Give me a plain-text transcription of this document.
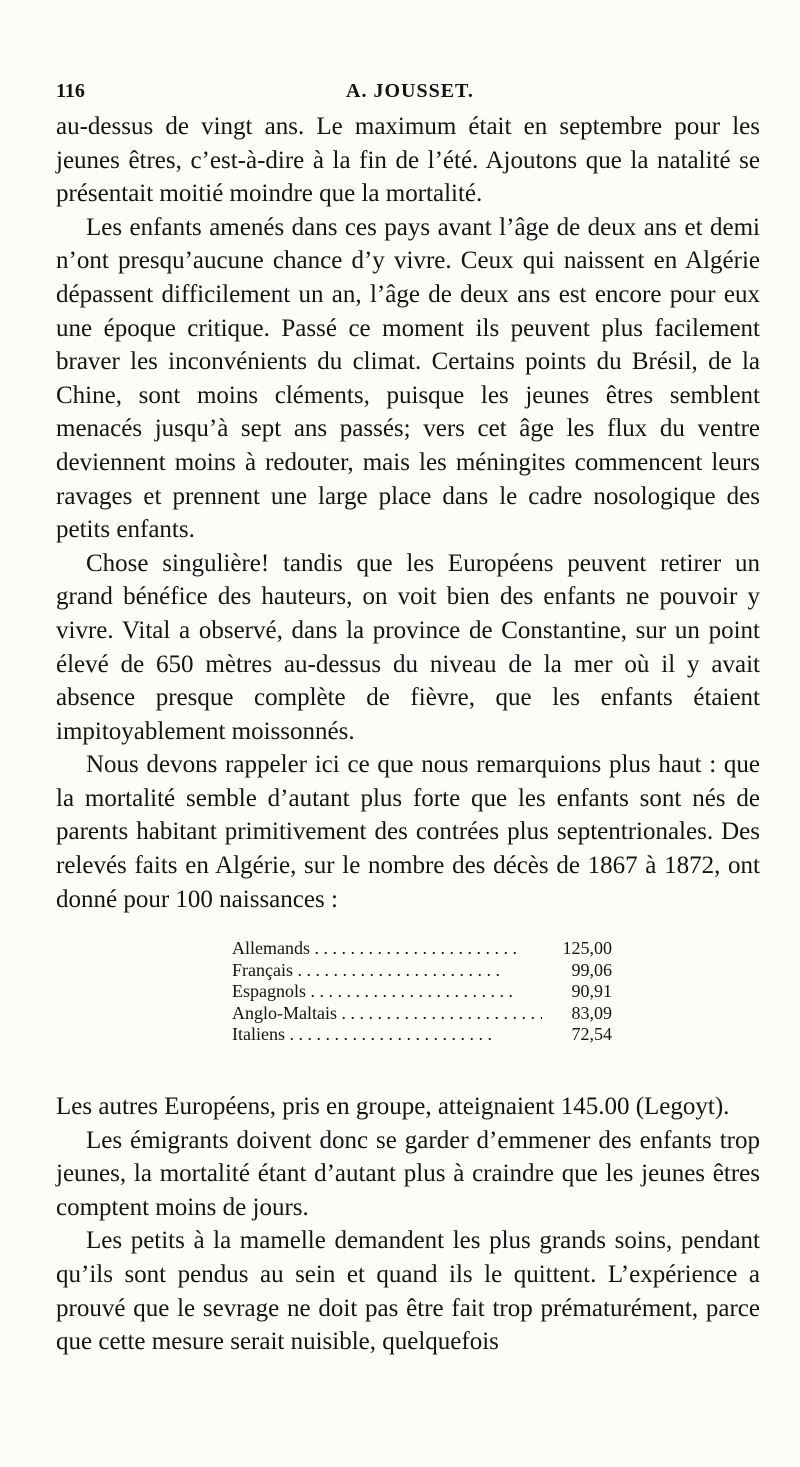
116	A. JOUSSET.

au-dessus de vingt ans. Le maximum était en septembre pour les jeunes êtres, c’est-à-dire à la fin de l’été. Ajoutons que la natalité se présentait moitié moindre que la mortalité.

Les enfants amenés dans ces pays avant l’âge de deux ans et demi n’ont presqu’aucune chance d’y vivre. Ceux qui naissent en Algérie dépassent difficilement un an, l’âge de deux ans est encore pour eux une époque critique. Passé ce moment ils peuvent plus facilement braver les inconvénients du climat. Certains points du Brésil, de la Chine, sont moins cléments, puisque les jeunes êtres semblent menacés jusqu’à sept ans passés; vers cet âge les flux du ventre deviennent moins à redouter, mais les méningites commencent leurs ravages et prennent une large place dans le cadre nosologique des petits enfants.

Chose singulière! tandis que les Européens peuvent retirer un grand bénéfice des hauteurs, on voit bien des enfants ne pouvoir y vivre. Vital a observé, dans la province de Constantine, sur un point élevé de 650 mètres au-dessus du niveau de la mer où il y avait absence presque complète de fièvre, que les enfants étaient impitoyablement moissonnés.

Nous devons rappeler ici ce que nous remarquions plus haut : que la mortalité semble d’autant plus forte que les enfants sont nés de parents habitant primitivement des contrées plus septentrionales. Des relevés faits en Algérie, sur le nombre des décès de 1867 à 1872, ont donné pour 100 naissances :

Allemands . . .	125,00
Français . . .	99,06
Espagnols . . .	90,91
Anglo-Maltais . . .	83,09
Italiens . . .	72,54

Les autres Européens, pris en groupe, atteignaient 145.00 (Legoyt).

Les émigrants doivent donc se garder d’emmener des enfants trop jeunes, la mortalité étant d’autant plus à craindre que les jeunes êtres comptent moins de jours.

Les petits à la mamelle demandent les plus grands soins, pendant qu’ils sont pendus au sein et quand ils le quittent. L’expérience a prouvé que le sevrage ne doit pas être fait trop prématurément, parce que cette mesure serait nuisible, quelquefois
